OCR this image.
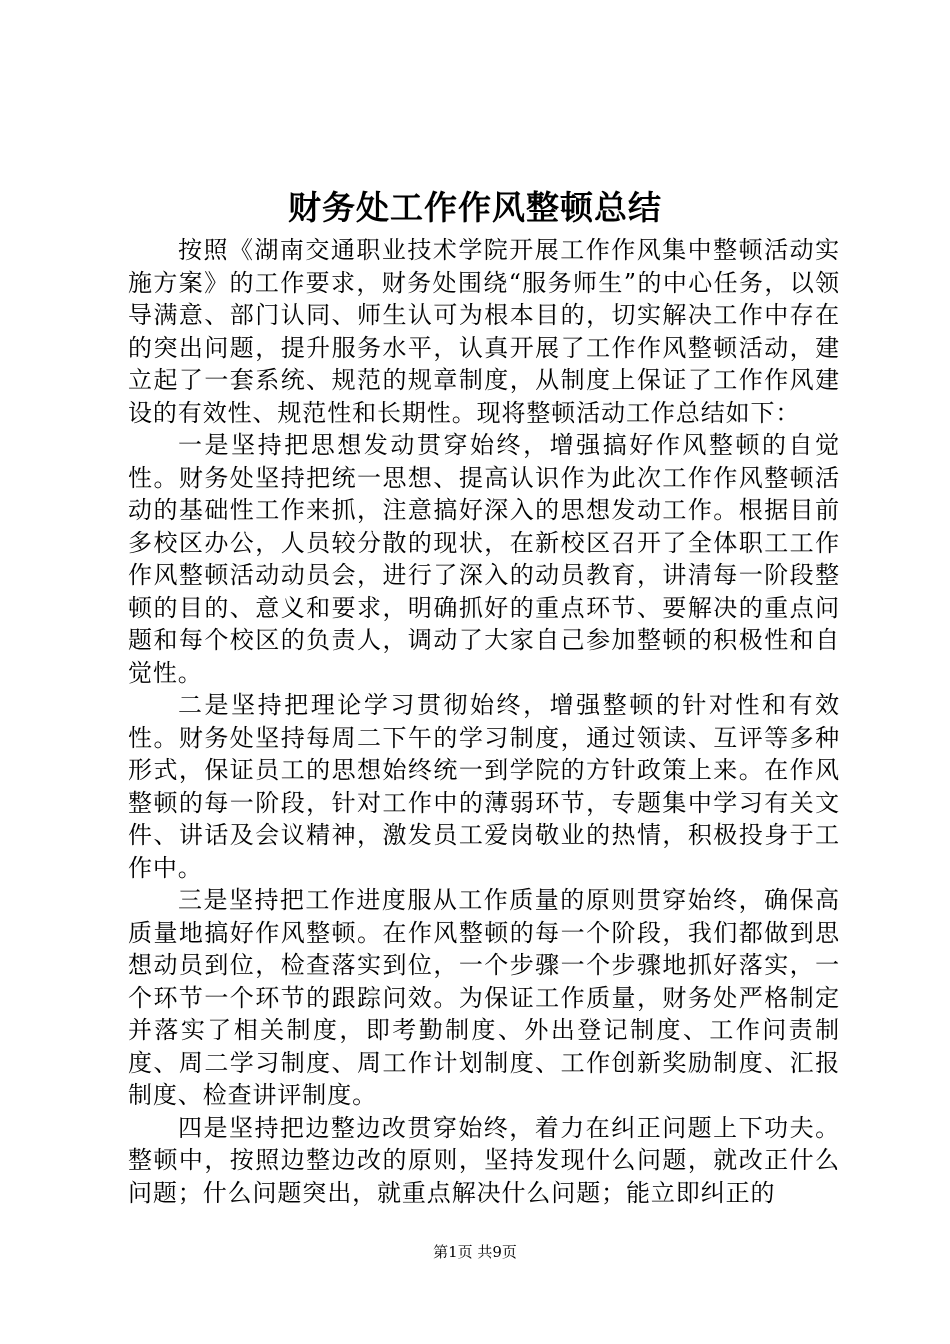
财务处工作作风整顿总结

按照《湖南交通职业技术学院开展工作作风集中整顿活动实施方案》的工作要求，财务处围绕“服务师生”的中心任务，以领导满意、部门认同、师生认可为根本目的，切实解决工作中存在的突出问题，提升服务水平，认真开展了工作作风整顿活动，建立起了一套系统、规范的规章制度，从制度上保证了工作作风建设的有效性、规范性和长期性。现将整顿活动工作总结如下：

一是坚持把思想发动贯穿始终，增强搞好作风整顿的自觉性。财务处坚持把统一思想、提高认识作为此次工作作风整顿活动的基础性工作来抓，注意搞好深入的思想发动工作。根据目前多校区办公，人员较分散的现状，在新校区召开了全体职工工作作风整顿活动动员会，进行了深入的动员教育，讲清每一阶段整顿的目的、意义和要求，明确抓好的重点环节、要解决的重点问题和每个校区的负责人，调动了大家自己参加整顿的积极性和自觉性。

二是坚持把理论学习贯彻始终，增强整顿的针对性和有效性。财务处坚持每周二下午的学习制度，通过领读、互评等多种形式，保证员工的思想始终统一到学院的方针政策上来。在作风整顿的每一阶段，针对工作中的薄弱环节，专题集中学习有关文件、讲话及会议精神，激发员工爱岗敬业的热情，积极投身于工作中。

三是坚持把工作进度服从工作质量的原则贯穿始终，确保高质量地搞好作风整顿。在作风整顿的每一个阶段，我们都做到思想动员到位，检查落实到位，一个步骤一个步骤地抓好落实，一个环节一个环节的跟踪问效。为保证工作质量，财务处严格制定并落实了相关制度，即考勤制度、外出登记制度、工作问责制度、周二学习制度、周工作计划制度、工作创新奖励制度、汇报制度、检查讲评制度。

四是坚持把边整边改贯穿始终，着力在纠正问题上下功夫。整顿中，按照边整边改的原则，坚持发现什么问题，就改正什么问题；什么问题突出，就重点解决什么问题；能立即纠正的

第1页 共9页
